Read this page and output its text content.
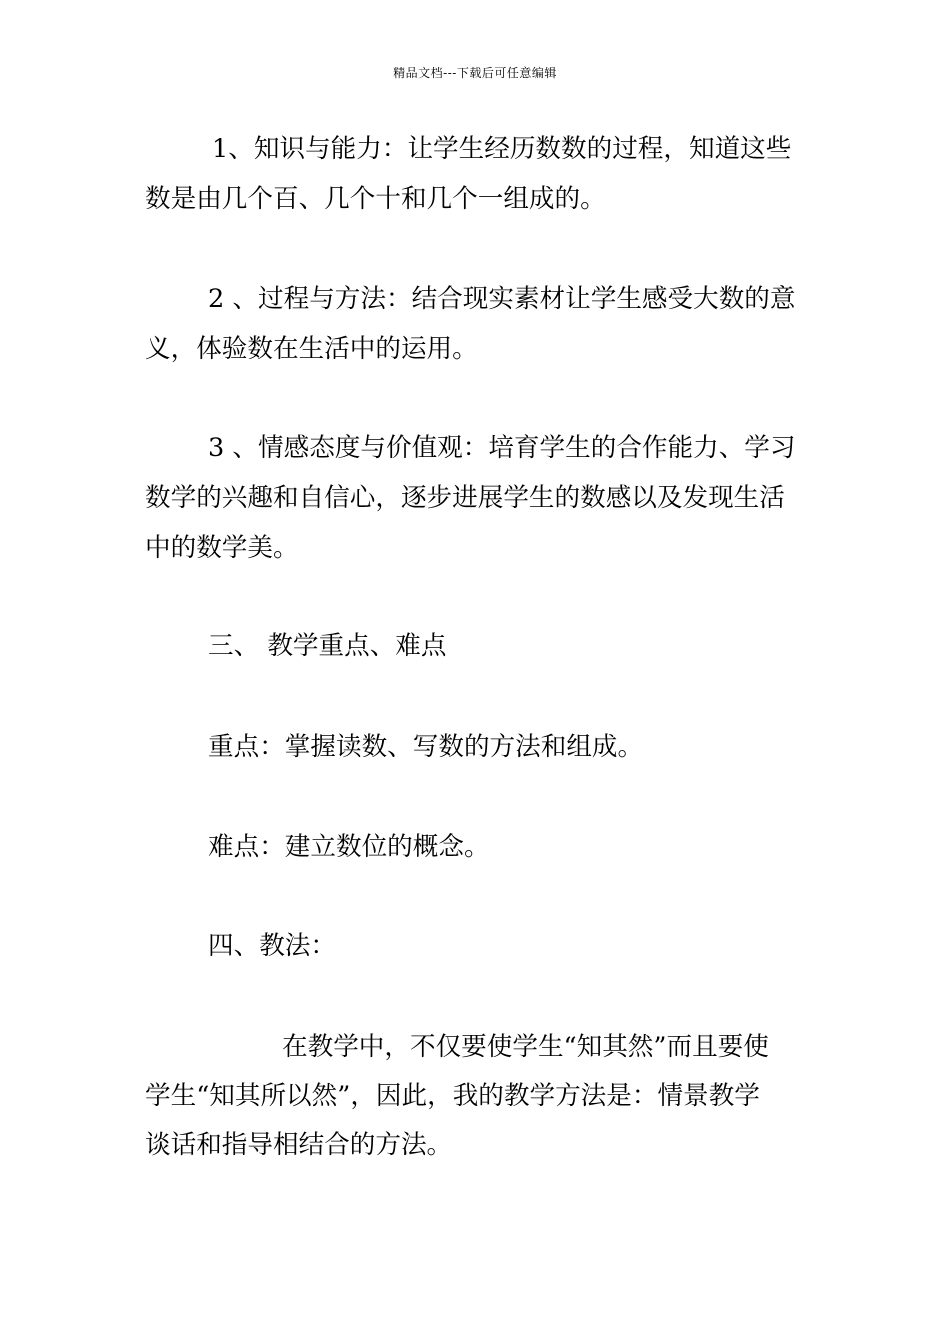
精品文档---下载后可任意编辑
1、知识与能力：让学生经历数数的过程，知道这些
数是由几个百、几个十和几个一组成的。
2 、过程与方法：结合现实素材让学生感受大数的意
义，体验数在生活中的运用。
3 、情感态度与价值观：培育学生的合作能力、学习
数学的兴趣和自信心，逐步进展学生的数感以及发现生活
中的数学美。
三、 教学重点、难点
重点：掌握读数、写数的方法和组成。
难点：建立数位的概念。
四、教法：
在教学中，不仅要使学生“知其然”而且要使
学生“知其所以然”，因此，我的教学方法是：情景教学
谈话和指导相结合的方法。
